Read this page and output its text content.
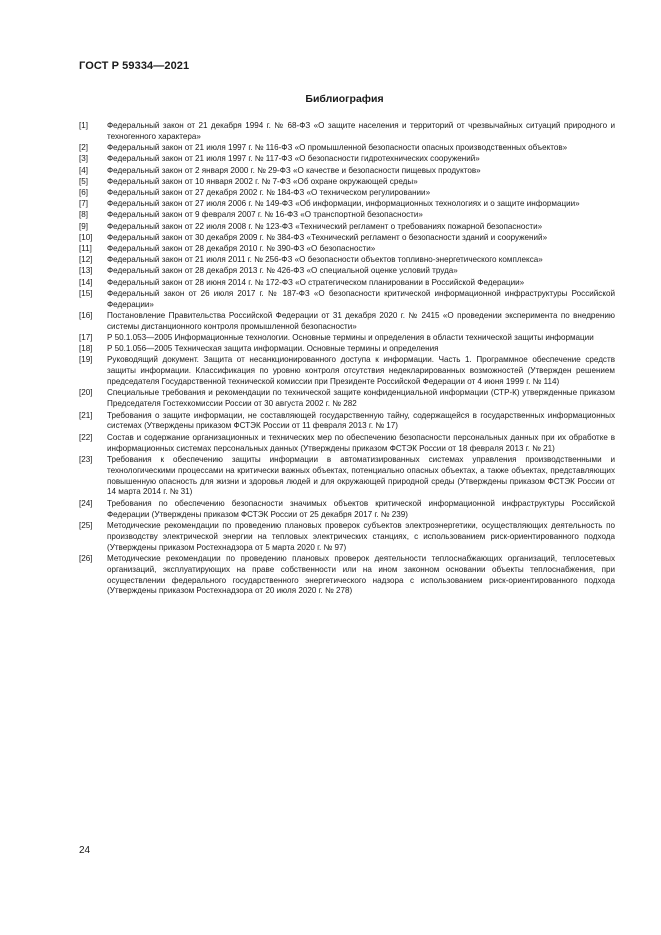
ГОСТ Р 59334—2021
Библиография
[1]	Федеральный закон от 21 декабря 1994 г. № 68-ФЗ «О защите населения и территорий от чрезвычайных ситуаций природного и техногенного характера»
[2]	Федеральный закон от 21 июля 1997 г. № 116-ФЗ «О промышленной безопасности опасных производственных объектов»
[3]	Федеральный закон от 21 июля 1997 г. № 117-ФЗ «О безопасности гидротехнических сооружений»
[4]	Федеральный закон от 2 января 2000 г. № 29-ФЗ «О качестве и безопасности пищевых продуктов»
[5]	Федеральный закон от 10 января 2002 г. № 7-ФЗ «Об охране окружающей среды»
[6]	Федеральный закон от 27 декабря 2002 г. № 184-ФЗ «О техническом регулировании»
[7]	Федеральный закон от 27 июля 2006 г. № 149-ФЗ «Об информации, информационных технологиях и о защите информации»
[8]	Федеральный закон от 9 февраля 2007 г. № 16-ФЗ «О транспортной безопасности»
[9]	Федеральный закон от 22 июля 2008 г. № 123-ФЗ «Технический регламент о требованиях пожарной безопасности»
[10]	Федеральный закон от 30 декабря 2009 г. № 384-ФЗ «Технический регламент о безопасности зданий и сооружений»
[11]	Федеральный закон от 28 декабря 2010 г. № 390-ФЗ «О безопасности»
[12]	Федеральный закон от 21 июля 2011 г. № 256-ФЗ «О безопасности объектов топливно-энергетического комплекса»
[13]	Федеральный закон от 28 декабря 2013 г. № 426-ФЗ «О специальной оценке условий труда»
[14]	Федеральный закон от 28 июня 2014 г. № 172-ФЗ «О стратегическом планировании в Российской Федерации»
[15]	Федеральный закон от 26 июля 2017 г. № 187-ФЗ «О безопасности критической информационной инфраструктуры Российской Федерации»
[16]	Постановление Правительства Российской Федерации от 31 декабря 2020 г. № 2415 «О проведении эксперимента по внедрению системы дистанционного контроля промышленной безопасности»
[17]	Р 50.1.053—2005 Информационные технологии. Основные термины и определения в области технической защиты информации
[18]	Р 50.1.056—2005 Техническая защита информации. Основные термины и определения
[19]	Руководящий документ. Защита от несанкционированного доступа к информации. Часть 1. Программное обеспечение средств защиты информации. Классификация по уровню контроля отсутствия недекларированных возможностей (Утвержден решением председателя Государственной технической комиссии при Президенте Российской Федерации от 4 июня 1999 г. № 114)
[20]	Специальные требования и рекомендации по технической защите конфиденциальной информации (СТР-К) утвержденные приказом Председателя Гостехкомиссии России от 30 августа 2002 г. № 282
[21]	Требования о защите информации, не составляющей государственную тайну, содержащейся в государственных информационных системах (Утверждены приказом ФСТЭК России от 11 февраля 2013 г. № 17)
[22]	Состав и содержание организационных и технических мер по обеспечению безопасности персональных данных при их обработке в информационных системах персональных данных (Утверждены приказом ФСТЭК России от 18 февраля 2013 г. № 21)
[23]	Требования к обеспечению защиты информации в автоматизированных системах управления производственными и технологическими процессами на критически важных объектах, потенциально опасных объектах, а также объектах, представляющих повышенную опасность для жизни и здоровья людей и для окружающей природной среды (Утверждены приказом ФСТЭК России от 14 марта 2014 г. № 31)
[24]	Требования по обеспечению безопасности значимых объектов критической информационной инфраструктуры Российской Федерации (Утверждены приказом ФСТЭК России от 25 декабря 2017 г. № 239)
[25]	Методические рекомендации по проведению плановых проверок субъектов электроэнергетики, осуществляющих деятельность по производству электрической энергии на тепловых электрических станциях, с использованием риск-ориентированного подхода (Утверждены приказом Ростехнадзора от 5 марта 2020 г. № 97)
[26]	Методические рекомендации по проведению плановых проверок деятельности теплоснабжающих организаций, теплосетевых организаций, эксплуатирующих на праве собственности или на ином законном основании объекты теплоснабжения, при осуществлении федерального государственного энергетического надзора с использованием риск-ориентированного подхода (Утверждены приказом Ростехнадзора от 20 июля 2020 г. № 278)
24
